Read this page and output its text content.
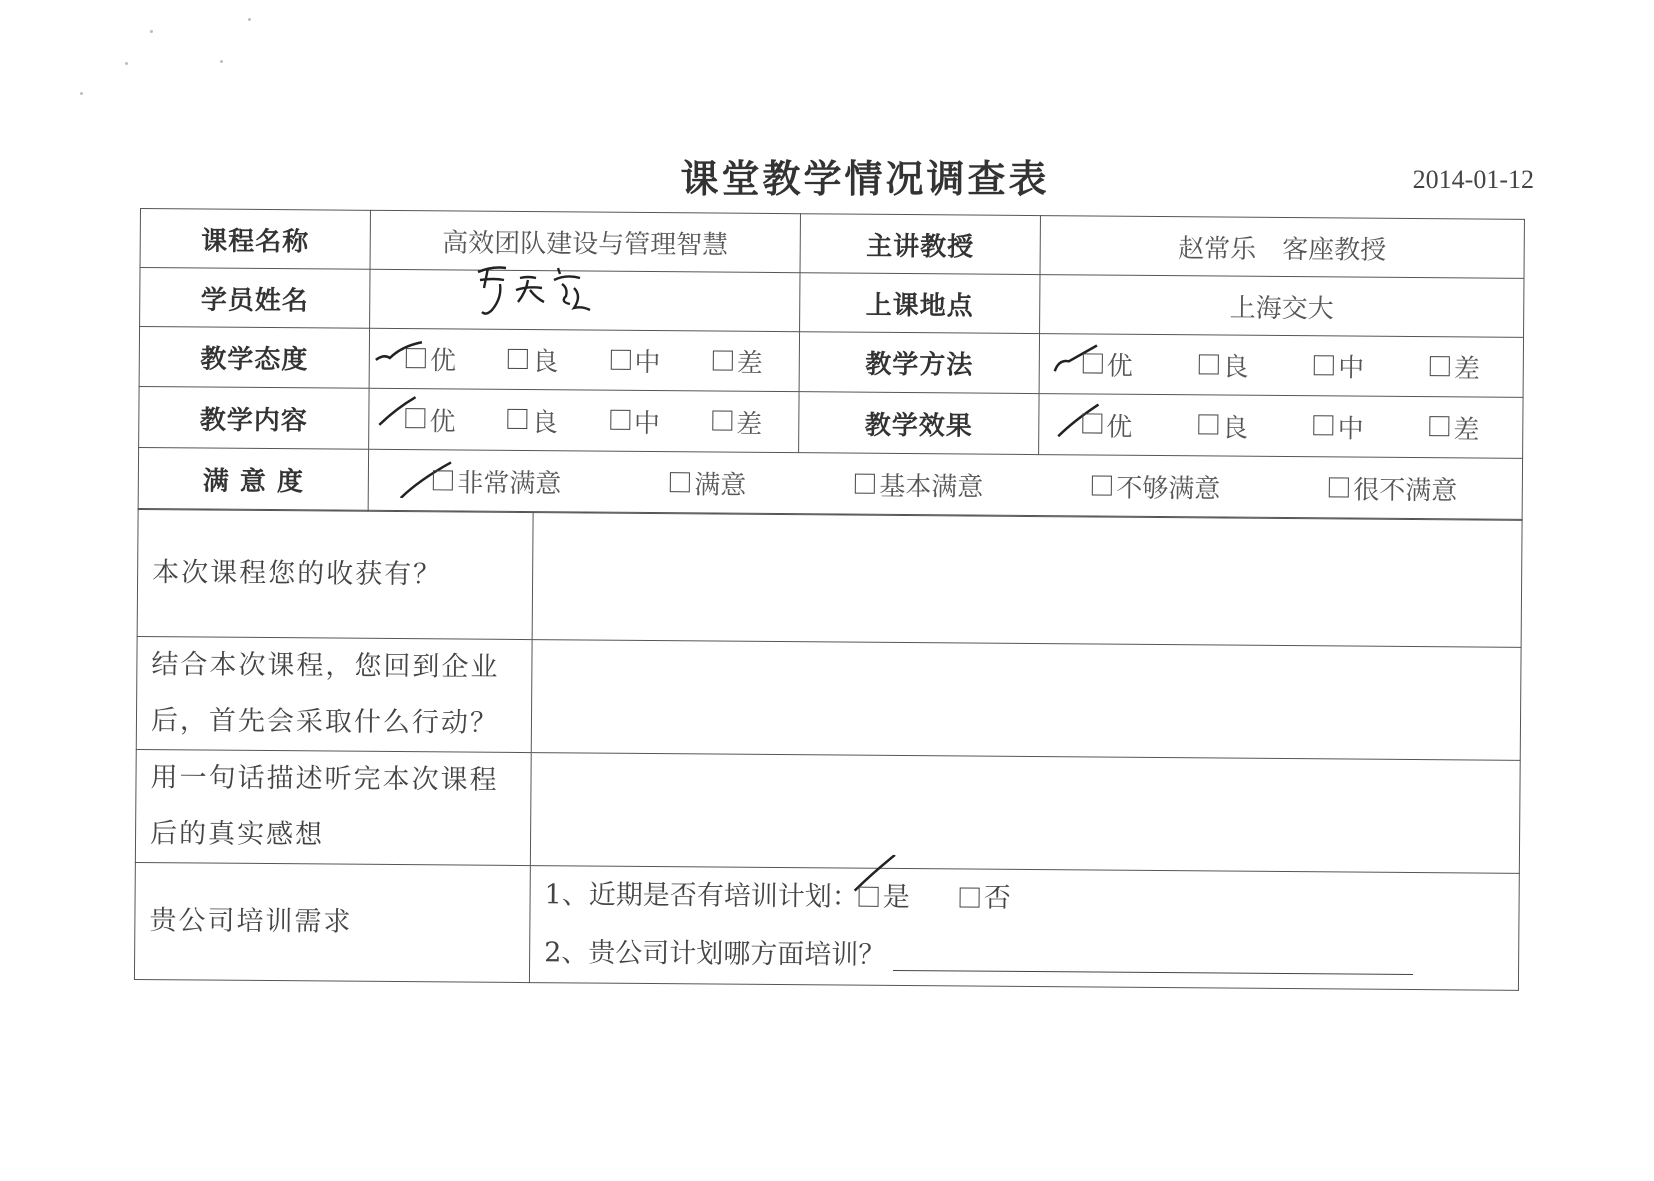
课堂教学情况调查表	2014-01-12
课程名称	高效团队建设与管理智慧	主讲教授	赵常乐　客座教授
学员姓名		上课地点	上海交大
教学态度	优 良 中 差	教学方法	优 良 中 差

教学内容	优 良 中 差	教学效果	优 良 中 差

满 意 度	非常满意 满意 基本满意 不够满意 很不满意		
本次课程您的收获有？	

结合本次课程，您回到企业
后，首先会采取什么行动？	

用一句话描述听完本次课程
后的真实感想	

贵公司培训需求	1、近期是否有培训计划： 是 否
2、贵公司计划哪方面培训？
